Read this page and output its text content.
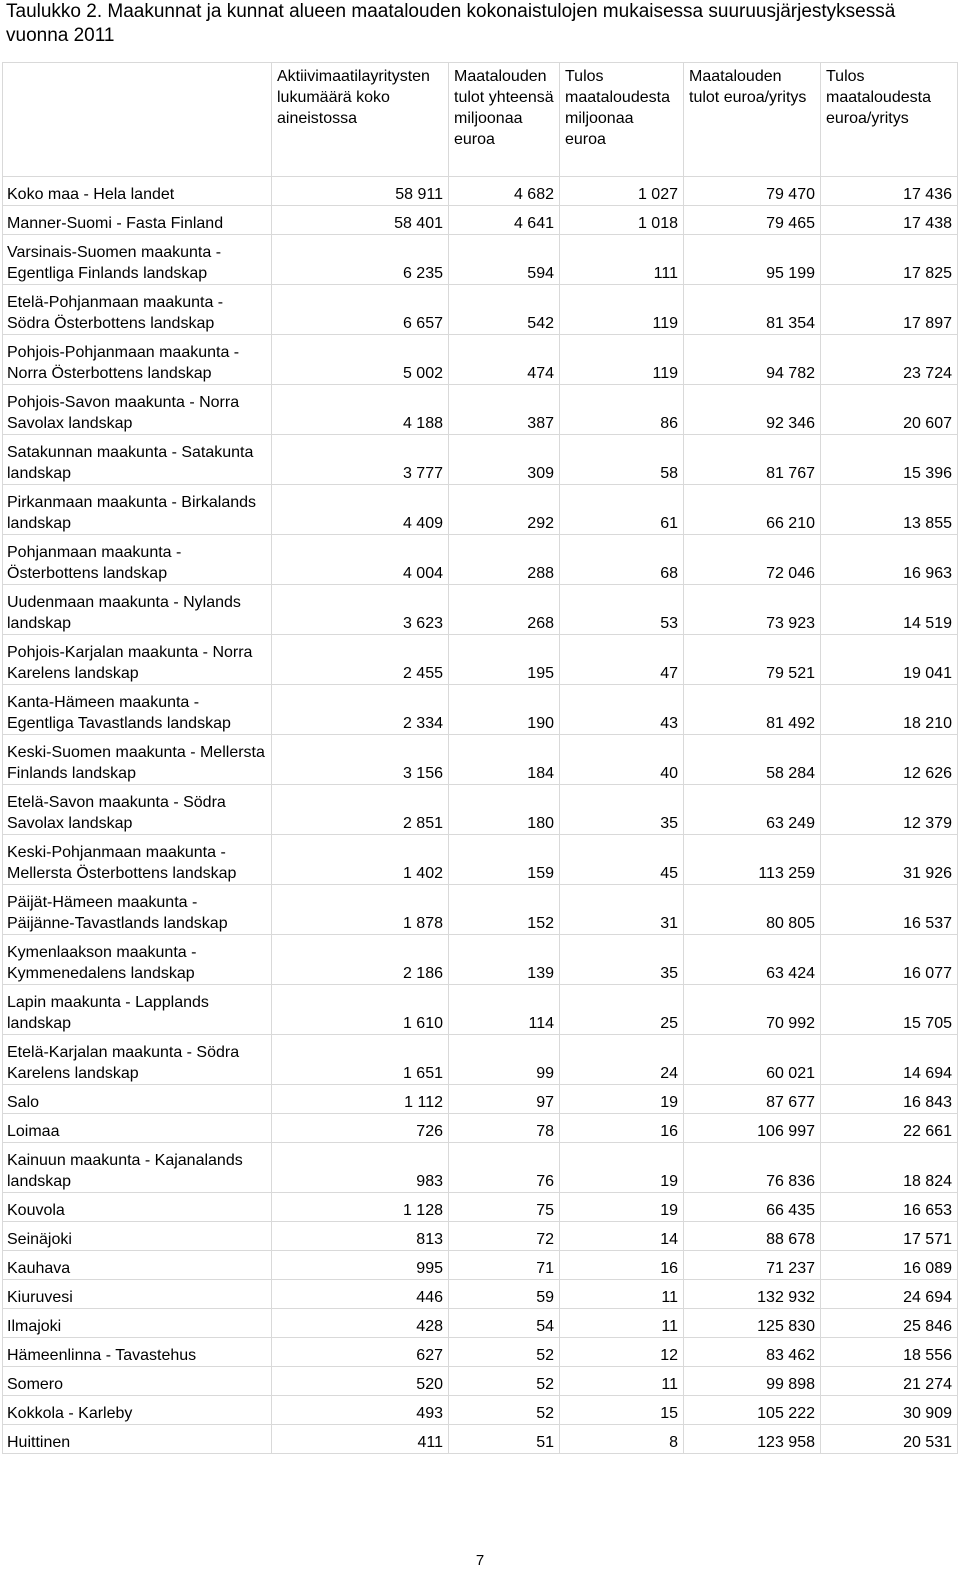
Taulukko 2. Maakunnat ja kunnat alueen maatalouden kokonaistulojen mukaisessa suuruusjärjestyksessä vuonna 2011
	Aktiivimaatilayritysten lukumäärä koko aineistossa	Maatalouden tulot yhteensä miljoonaa euroa	Tulos maataloudesta miljoonaa euroa	Maatalouden tulot euroa/yritys	Tulos maataloudesta euroa/yritys
Koko maa - Hela landet	58 911	4 682	1 027	79 470	17 436
Manner-Suomi - Fasta Finland	58 401	4 641	1 018	79 465	17 438
Varsinais-Suomen maakunta - Egentliga Finlands landskap	6 235	594	111	95 199	17 825
Etelä-Pohjanmaan maakunta - Södra Österbottens landskap	6 657	542	119	81 354	17 897
Pohjois-Pohjanmaan maakunta - Norra Österbottens landskap	5 002	474	119	94 782	23 724
Pohjois-Savon maakunta - Norra Savolax landskap	4 188	387	86	92 346	20 607
Satakunnan maakunta - Satakunta landskap	3 777	309	58	81 767	15 396
Pirkanmaan maakunta - Birkalands landskap	4 409	292	61	66 210	13 855
Pohjanmaan maakunta - Österbottens landskap	4 004	288	68	72 046	16 963
Uudenmaan maakunta - Nylands landskap	3 623	268	53	73 923	14 519
Pohjois-Karjalan maakunta - Norra Karelens landskap	2 455	195	47	79 521	19 041
Kanta-Hämeen maakunta - Egentliga Tavastlands landskap	2 334	190	43	81 492	18 210
Keski-Suomen maakunta - Mellersta Finlands landskap	3 156	184	40	58 284	12 626
Etelä-Savon maakunta - Södra Savolax landskap	2 851	180	35	63 249	12 379
Keski-Pohjanmaan maakunta - Mellersta Österbottens landskap	1 402	159	45	113 259	31 926
Päijät-Hämeen maakunta - Päijänne-Tavastlands landskap	1 878	152	31	80 805	16 537
Kymenlaakson maakunta - Kymmenedalens landskap	2 186	139	35	63 424	16 077
Lapin maakunta - Lapplands landskap	1 610	114	25	70 992	15 705
Etelä-Karjalan maakunta - Södra Karelens landskap	1 651	99	24	60 021	14 694
Salo	1 112	97	19	87 677	16 843
Loimaa	726	78	16	106 997	22 661
Kainuun maakunta - Kajanalands landskap	983	76	19	76 836	18 824
Kouvola	1 128	75	19	66 435	16 653
Seinäjoki	813	72	14	88 678	17 571
Kauhava	995	71	16	71 237	16 089
Kiuruvesi	446	59	11	132 932	24 694
Ilmajoki	428	54	11	125 830	25 846
Hämeenlinna - Tavastehus	627	52	12	83 462	18 556
Somero	520	52	11	99 898	21 274
Kokkola - Karleby	493	52	15	105 222	30 909
Huittinen	411	51	8	123 958	20 531
7
